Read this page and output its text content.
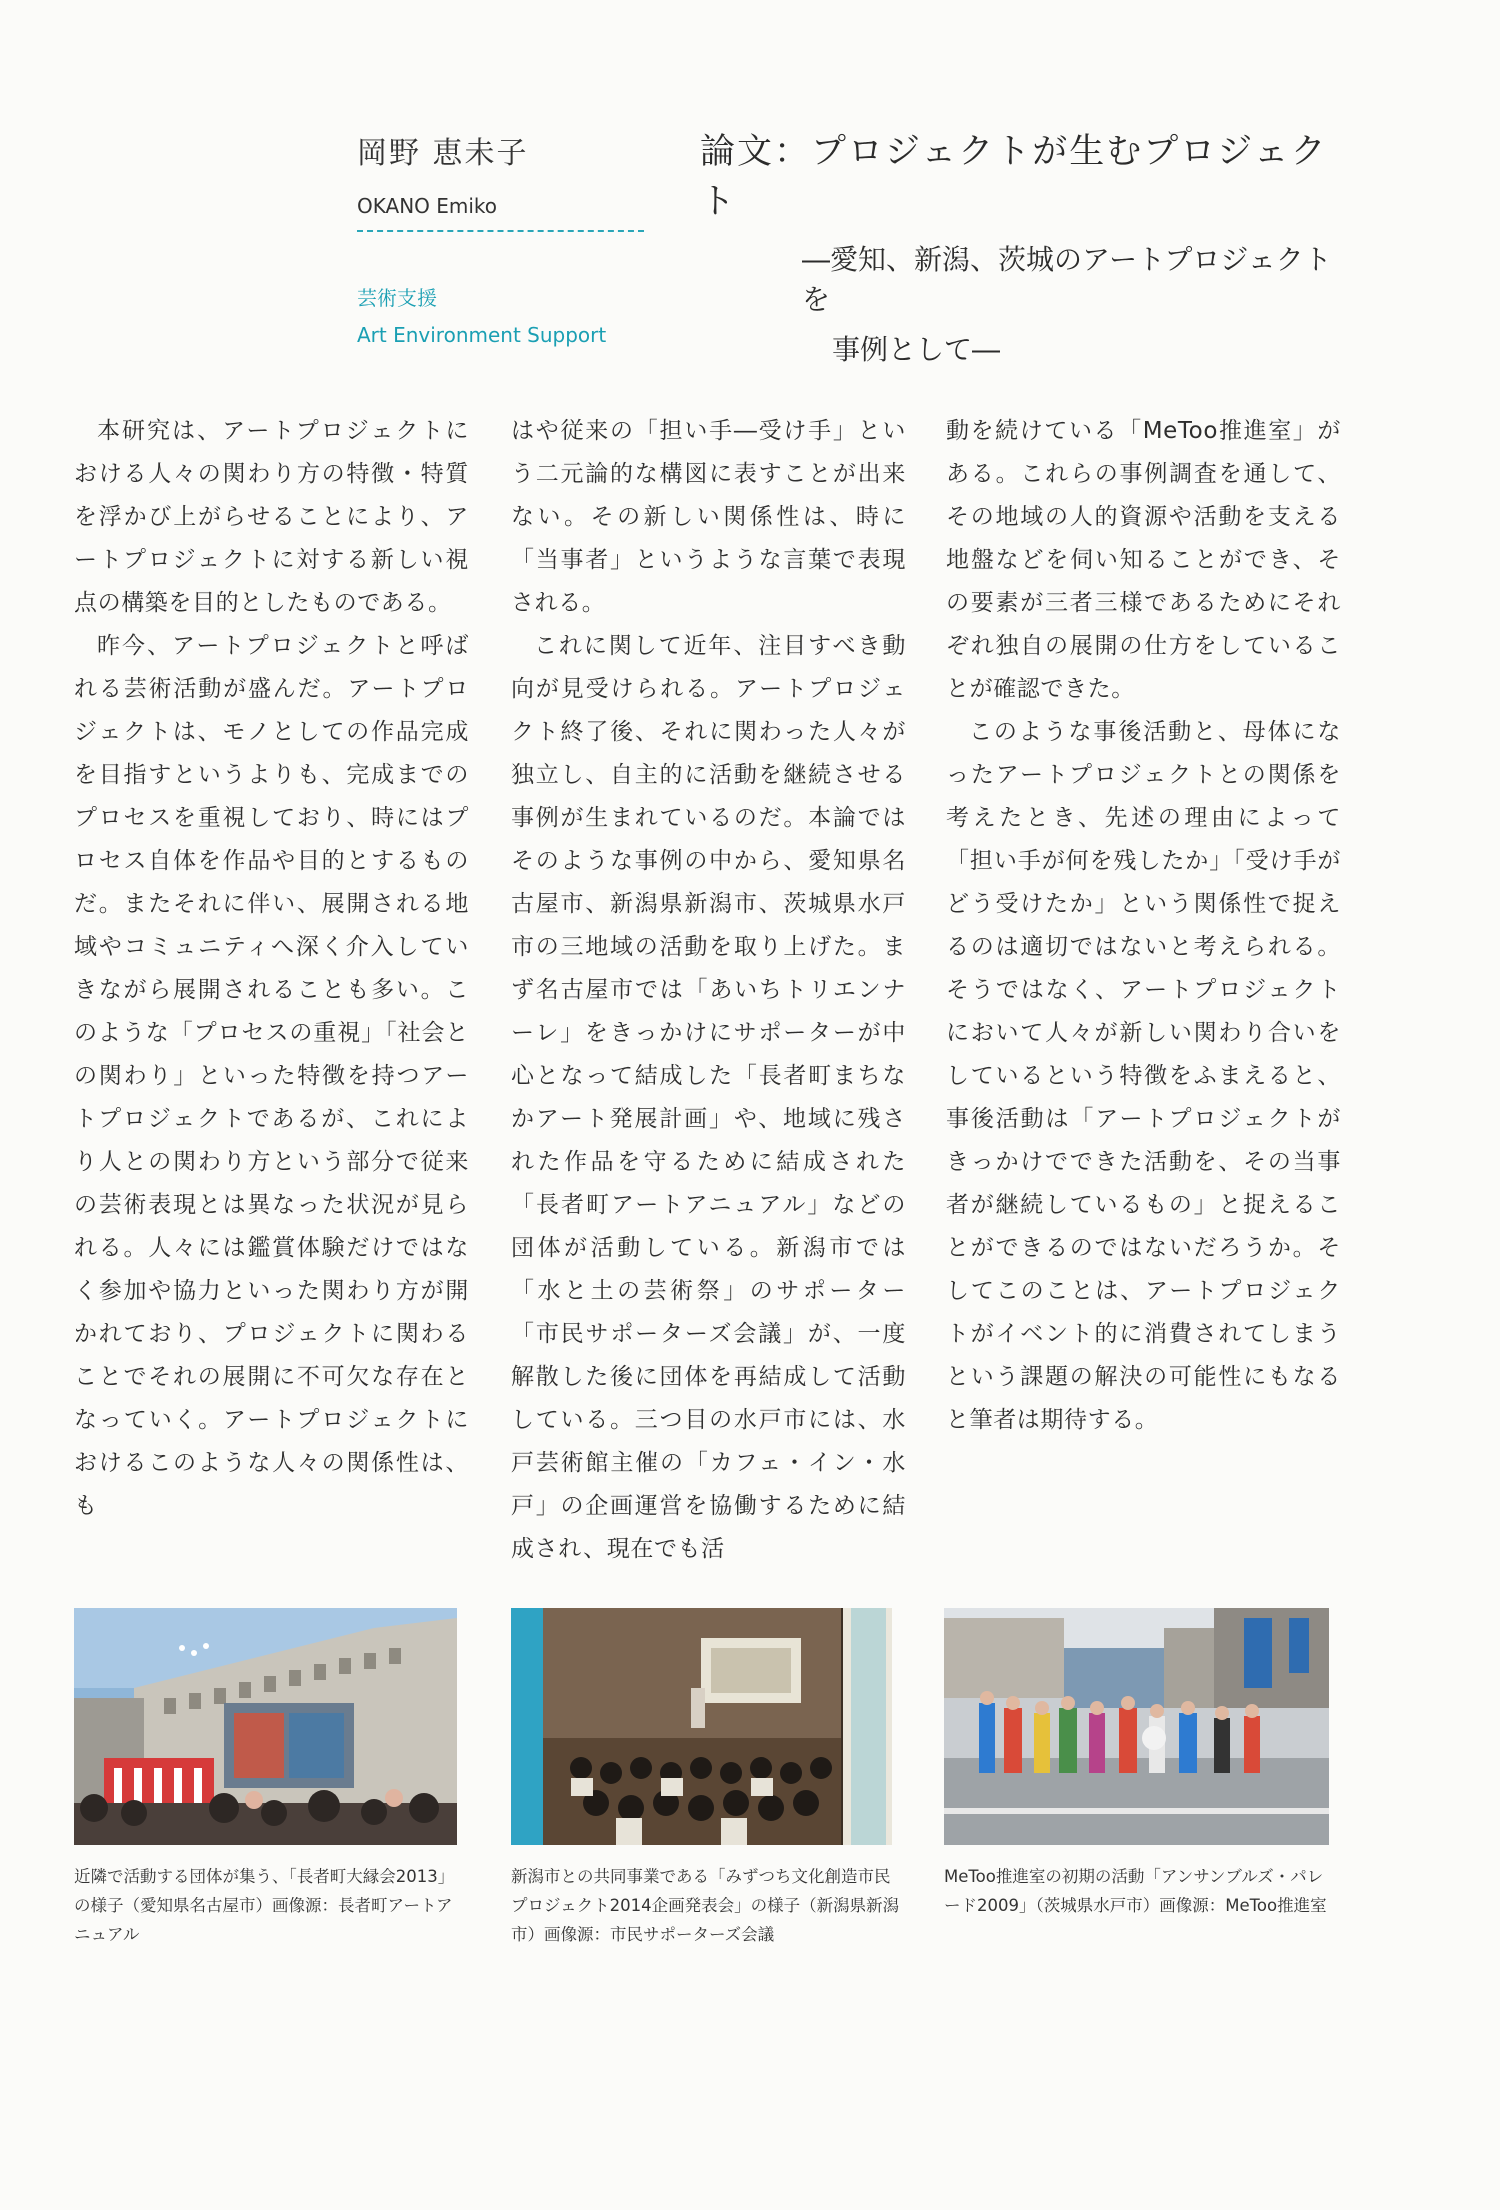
岡野 恵未子
OKANO Emiko
芸術支援
Art Environment Support
論文：プロジェクトが生むプロジェクト
―愛知、新潟、茨城のアートプロジェクトを
事例として―

本研究は、アートプロジェクトにおける人々の関わり方の特徴・特質を浮かび上がらせることにより、アートプロジェクトに対する新しい視点の構築を目的としたものである。

昨今、アートプロジェクトと呼ばれる芸術活動が盛んだ。アートプロジェクトは、モノとしての作品完成を目指すというよりも、完成までのプロセスを重視しており、時にはプロセス自体を作品や目的とするものだ。またそれに伴い、展開される地域やコミュニティへ深く介入していきながら展開されることも多い。このような「プロセスの重視」「社会との関わり」といった特徴を持つアートプロジェクトであるが、これにより人との関わり方という部分で従来の芸術表現とは異なった状況が見られる。人々には鑑賞体験だけではなく参加や協力といった関わり方が開かれており、プロジェクトに関わることでそれの展開に不可欠な存在となっていく。アートプロジェクトにおけるこのような人々の関係性は、も

はや従来の「担い手―受け手」という二元論的な構図に表すことが出来ない。その新しい関係性は、時に「当事者」というような言葉で表現される。

これに関して近年、注目すべき動向が見受けられる。アートプロジェクト終了後、それに関わった人々が独立し、自主的に活動を継続させる事例が生まれているのだ。本論ではそのような事例の中から、愛知県名古屋市、新潟県新潟市、茨城県水戸市の三地域の活動を取り上げた。まず名古屋市では「あいちトリエンナーレ」をきっかけにサポーターが中心となって結成した「長者町まちなかアート発展計画」や、地域に残された作品を守るために結成された「長者町アートアニュアル」などの団体が活動している。新潟市では「水と土の芸術祭」のサポーター「市民サポーターズ会議」が、一度解散した後に団体を再結成して活動している。三つ目の水戸市には、水戸芸術館主催の「カフェ・イン・水戸」の企画運営を協働するために結成され、現在でも活

動を続けている「MeToo推進室」がある。これらの事例調査を通して、その地域の人的資源や活動を支える地盤などを伺い知ることができ、その要素が三者三様であるためにそれぞれ独自の展開の仕方をしていることが確認できた。

このような事後活動と、母体になったアートプロジェクトとの関係を考えたとき、先述の理由によって「担い手が何を残したか」「受け手がどう受けたか」という関係性で捉えるのは適切ではないと考えられる。そうではなく、アートプロジェクトにおいて人々が新しい関わり合いをしているという特徴をふまえると、事後活動は「アートプロジェクトがきっかけでできた活動を、その当事者が継続しているもの」と捉えることができるのではないだろうか。そしてこのことは、アートプロジェクトがイベント的に消費されてしまうという課題の解決の可能性にもなると筆者は期待する。

近隣で活動する団体が集う、「長者町大縁会2013」の様子（愛知県名古屋市）画像源：長者町アートアニュアル
新潟市との共同事業である「みずつち文化創造市民プロジェクト2014企画発表会」の様子（新潟県新潟市）画像源：市民サポーターズ会議
MeToo推進室の初期の活動「アンサンブルズ・パレード2009」（茨城県水戸市）画像源：MeToo推進室
